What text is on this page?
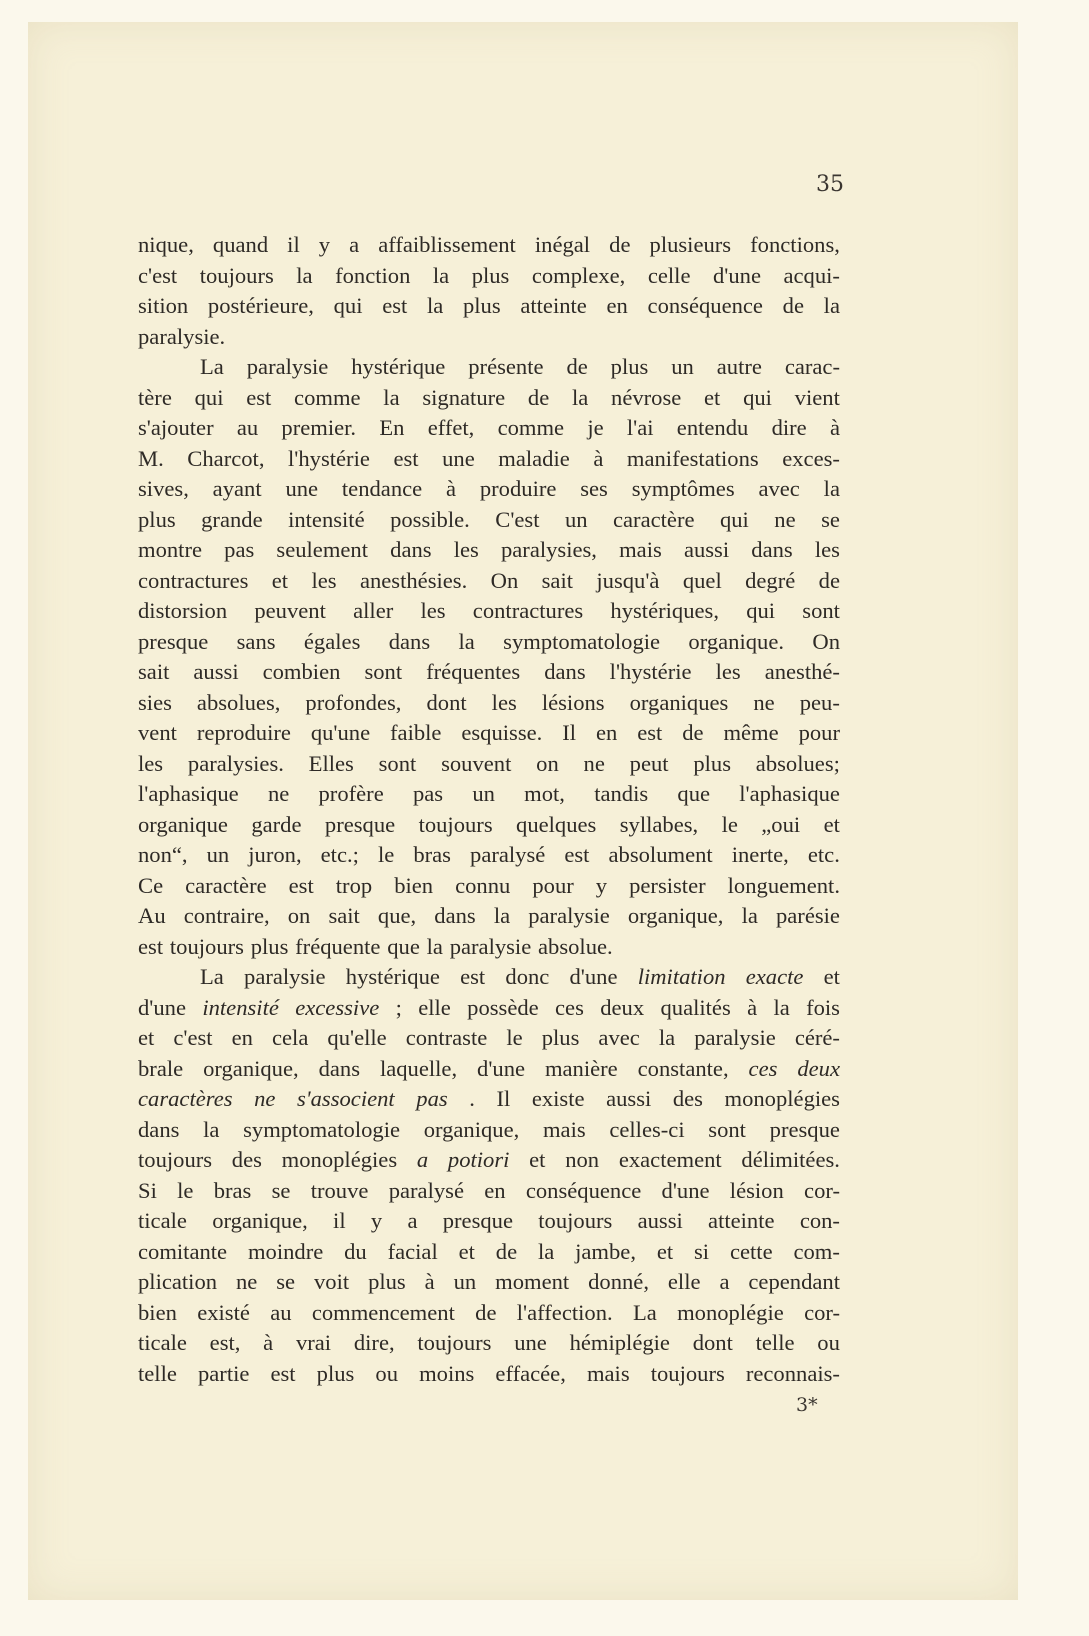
35
nique, quand il y a affaiblissement inégal de plusieurs fonctions,
c'est toujours la fonction la plus complexe, celle d'une acqui-
sition postérieure, qui est la plus atteinte en conséquence de la
paralysie.
La paralysie hystérique présente de plus un autre carac-
tère qui est comme la signature de la névrose et qui vient
s'ajouter au premier. En effet, comme je l'ai entendu dire à
M. Charcot, l'hystérie est une maladie à manifestations exces-
sives, ayant une tendance à produire ses symptômes avec la
plus grande intensité possible. C'est un caractère qui ne se
montre pas seulement dans les paralysies, mais aussi dans les
contractures et les anesthésies. On sait jusqu'à quel degré de
distorsion peuvent aller les contractures hystériques, qui sont
presque sans égales dans la symptomatologie organique. On
sait aussi combien sont fréquentes dans l'hystérie les anesthé-
sies absolues, profondes, dont les lésions organiques ne peu-
vent reproduire qu'une faible esquisse. Il en est de même pour
les paralysies. Elles sont souvent on ne peut plus absolues;
l'aphasique ne profère pas un mot, tandis que l'aphasique
organique garde presque toujours quelques syllabes, le „oui et
non“, un juron, etc.; le bras paralysé est absolument inerte, etc.
Ce caractère est trop bien connu pour y persister longuement.
Au contraire, on sait que, dans la paralysie organique, la parésie
est toujours plus fréquente que la paralysie absolue.
La paralysie hystérique est donc d'une limitation exacte et
d'une intensité excessive ; elle possède ces deux qualités à la fois
et c'est en cela qu'elle contraste le plus avec la paralysie céré-
brale organique, dans laquelle, d'une manière constante, ces deux
caractères ne s'associent pas . Il existe aussi des monoplégies
dans la symptomatologie organique, mais celles-ci sont presque
toujours des monoplégies a potiori et non exactement délimitées.
Si le bras se trouve paralysé en conséquence d'une lésion cor-
ticale organique, il y a presque toujours aussi atteinte con-
comitante moindre du facial et de la jambe, et si cette com-
plication ne se voit plus à un moment donné, elle a cependant
bien existé au commencement de l'affection. La monoplégie cor-
ticale est, à vrai dire, toujours une hémiplégie dont telle ou
telle partie est plus ou moins effacée, mais toujours reconnais-
3*
